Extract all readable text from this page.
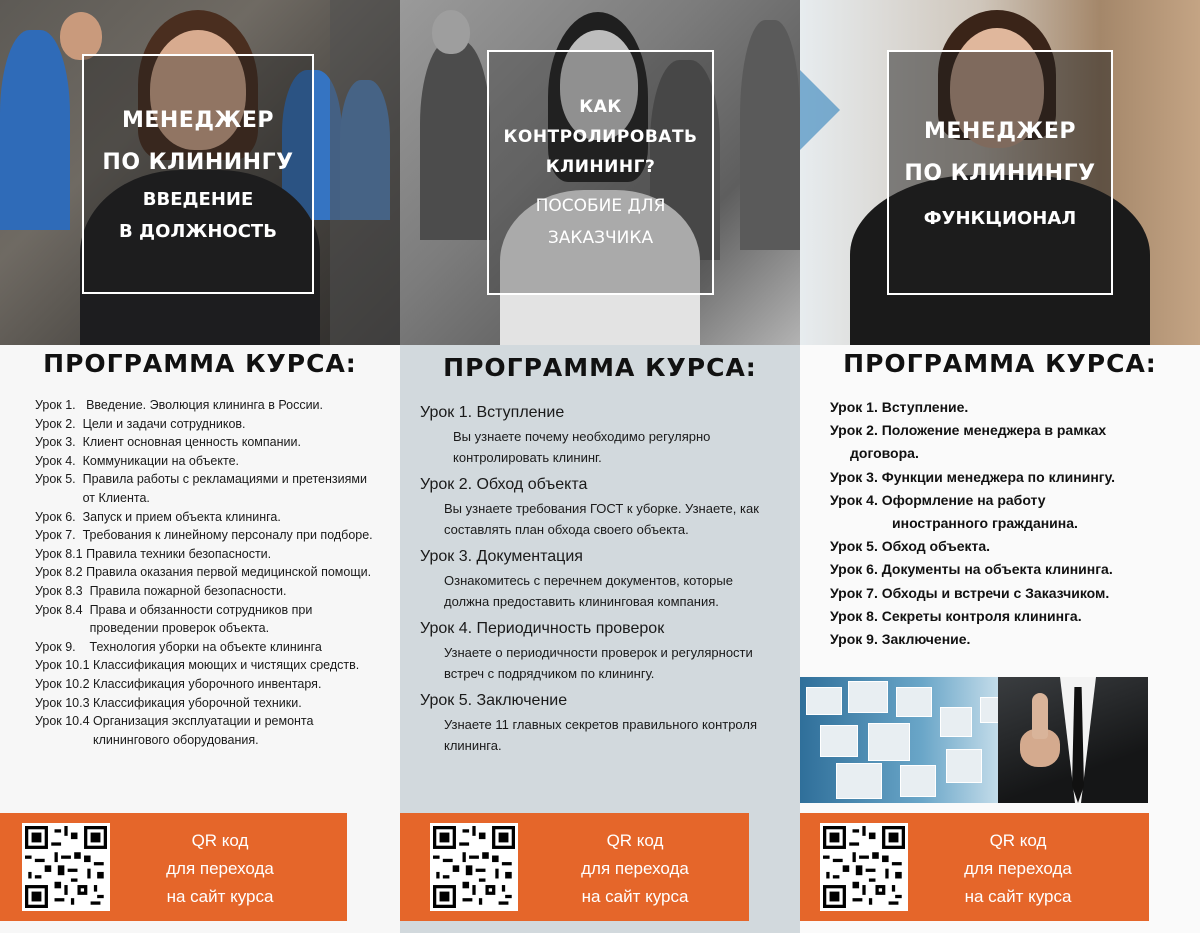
МЕНЕДЖЕР
ПО КЛИНИНГУ
ВВЕДЕНИЕ
В ДОЛЖНОСТЬ
ПРОГРАММА КУРСА:
Урок 1. Введение. Эволюция клининга в России.
Урок 2. Цели и задачи сотрудников.
Урок 3. Клиент основная ценность компании.
Урок 4. Коммуникации на объекте.
Урок 5. Правила работы с рекламациями и претензиями от Клиента.
Урок 6. Запуск и прием объекта клининга.
Урок 7. Требования к линейному персоналу при подборе.
Урок 8.1 Правила техники безопасности.
Урок 8.2 Правила оказания первой медицинской помощи.
Урок 8.3 Правила пожарной безопасности.
Урок 8.4 Права и обязанности сотрудников при проведении проверок объекта.
Урок 9. Технология уборки на объекте клининга
Урок 10.1 Классификация моющих и чистящих средств.
Урок 10.2 Классификация уборочного инвентаря.
Урок 10.3 Классификация уборочной техники.
Урок 10.4 Организация эксплуатации и ремонта клинингового оборудования.
QR код
для перехода
на сайт курса
КАК
КОНТРОЛИРОВАТЬ
КЛИНИНГ?
ПОСОБИЕ ДЛЯ
ЗАКАЗЧИКА
ПРОГРАММА КУРСА:
Урок 1. Вступление
Вы узнаете почему необходимо регулярно контролировать клининг.
Урок 2. Обход объекта
Вы узнаете требования ГОСТ к уборке. Узнаете, как составлять план обхода своего объекта.
Урок 3. Документация
Ознакомитесь с перечнем документов, которые должна предоставить клининговая компания.
Урок 4. Периодичность проверок
Узнаете о периодичности проверок и регулярности встреч с подрядчиком по клинингу.
Урок 5. Заключение
Узнаете 11 главных секретов правильного контроля клининга.
QR код
для перехода
на сайт курса
МЕНЕДЖЕР
ПО КЛИНИНГУ
ФУНКЦИОНАЛ
ПРОГРАММА КУРСА:
Урок 1. Вступление.
Урок 2. Положение менеджера в рамках
договора.
Урок 3. Функции менеджера по клинингу.
Урок 4. Оформление на работу
иностранного гражданина.
Урок 5. Обход объекта.
Урок 6. Документы на объекта клининга.
Урок 7. Обходы и встречи с Заказчиком.
Урок 8. Секреты контроля клининга.
Урок 9. Заключение.
QR код
для перехода
на сайт курса
